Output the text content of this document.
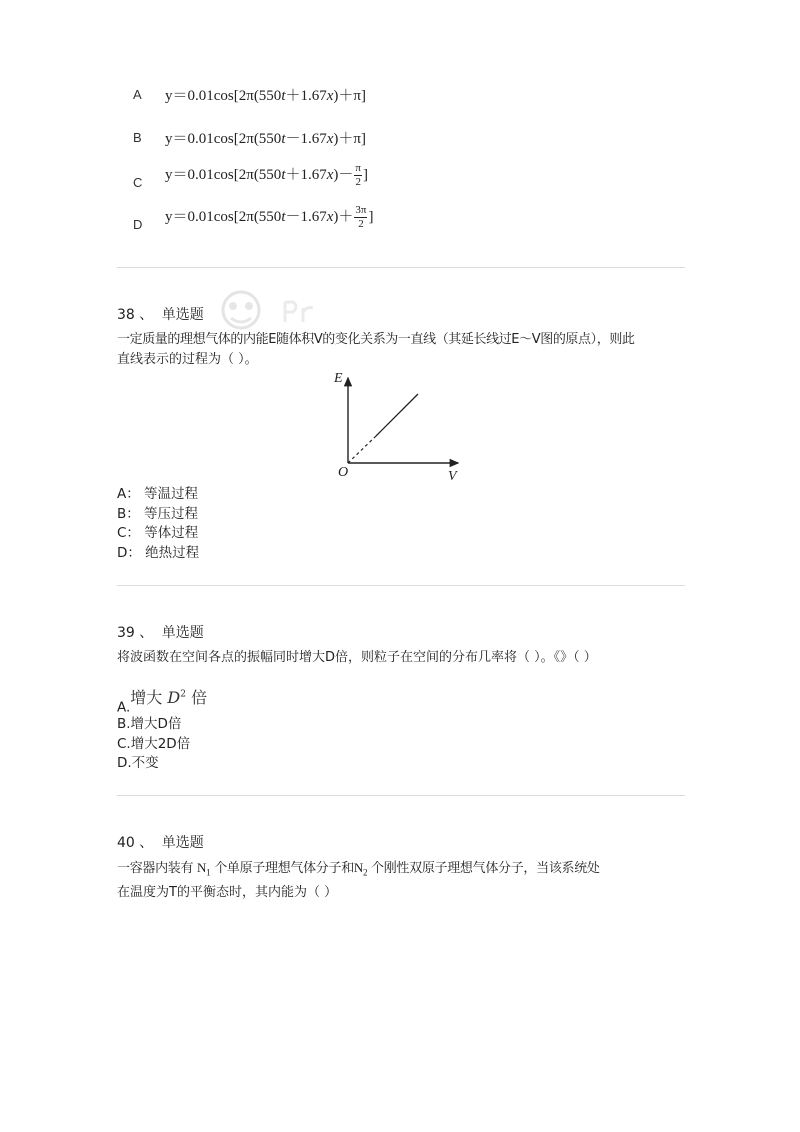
A y＝0.01cos[2π(550t＋1.67x)＋π]
B y＝0.01cos[2π(550t－1.67x)＋π]
C $y=0.01\cos[2\pi(550t+1.67x)- \frac{\pi}{2}$ ]
D $y=0.01\cos[2\pi(550t-1.67x)+ \frac{3\pi}{2}$ ]
38 、 单选题
一定质量的理想气体的内能E随体积V的变化关系为一直线（其延长线过E～V图的原点），则此
直线表示的过程为（ ）。
E
V
O
A： 等温过程
B： 等压过程
C： 等体过程
D： 绝热过程
39 、 单选题
将波函数在空间各点的振幅同时增大D倍，则粒子在空间的分布几率将（ ）。《》（ ）
A.增大 $D^2$ 倍
B.增大D倍
C.增大2D倍
D.不变
40 、 单选题
一容器内装有 $N_1$ 个单原子理想气体分子和$N_2$ 个刚性双原子理想气体分子，当该系统处
在温度为T的平衡态时，其内能为（ ）
